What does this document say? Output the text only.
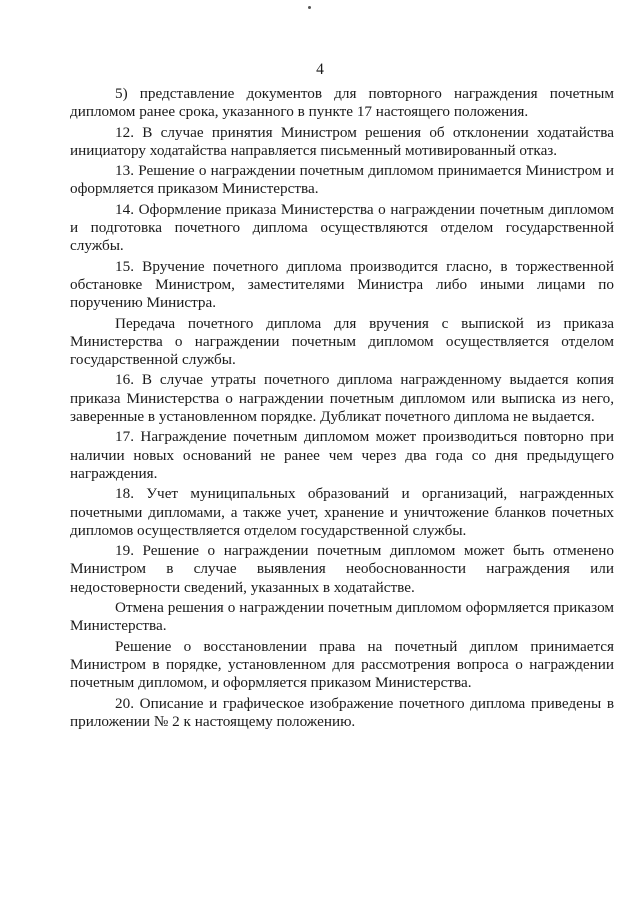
4

5) представление документов для повторного награждения почетным дипломом ранее срока, указанного в пункте 17 настоящего положения.

12. В случае принятия Министром решения об отклонении ходатайства инициатору ходатайства направляется письменный мотивированный отказ.

13. Решение о награждении почетным дипломом принимается Министром и оформляется приказом Министерства.

14. Оформление приказа Министерства о награждении почетным дипломом и подготовка почетного диплома осуществляются отделом государственной службы.

15. Вручение почетного диплома производится гласно, в торжественной обстановке Министром, заместителями Министра либо иными лицами по поручению Министра.

Передача почетного диплома для вручения с выпиской из приказа Министерства о награждении почетным дипломом осуществляется отделом государственной службы.

16. В случае утраты почетного диплома награжденному выдается копия приказа Министерства о награждении почетным дипломом или выписка из него, заверенные в установленном порядке. Дубликат почетного диплома не выдается.

17. Награждение почетным дипломом может производиться повторно при наличии новых оснований не ранее чем через два года со дня предыдущего награждения.

18. Учет муниципальных образований и организаций, награжденных почетными дипломами, а также учет, хранение и уничтожение бланков почетных дипломов осуществляется отделом государственной службы.

19. Решение о награждении почетным дипломом может быть отменено Министром в случае выявления необоснованности награждения или недостоверности сведений, указанных в ходатайстве.

Отмена решения о награждении почетным дипломом оформляется приказом Министерства.

Решение о восстановлении права на почетный диплом принимается Министром в порядке, установленном для рассмотрения вопроса о награждении почетным дипломом, и оформляется приказом Министерства.

20. Описание и графическое изображение почетного диплома приведены в приложении № 2 к настоящему положению.
